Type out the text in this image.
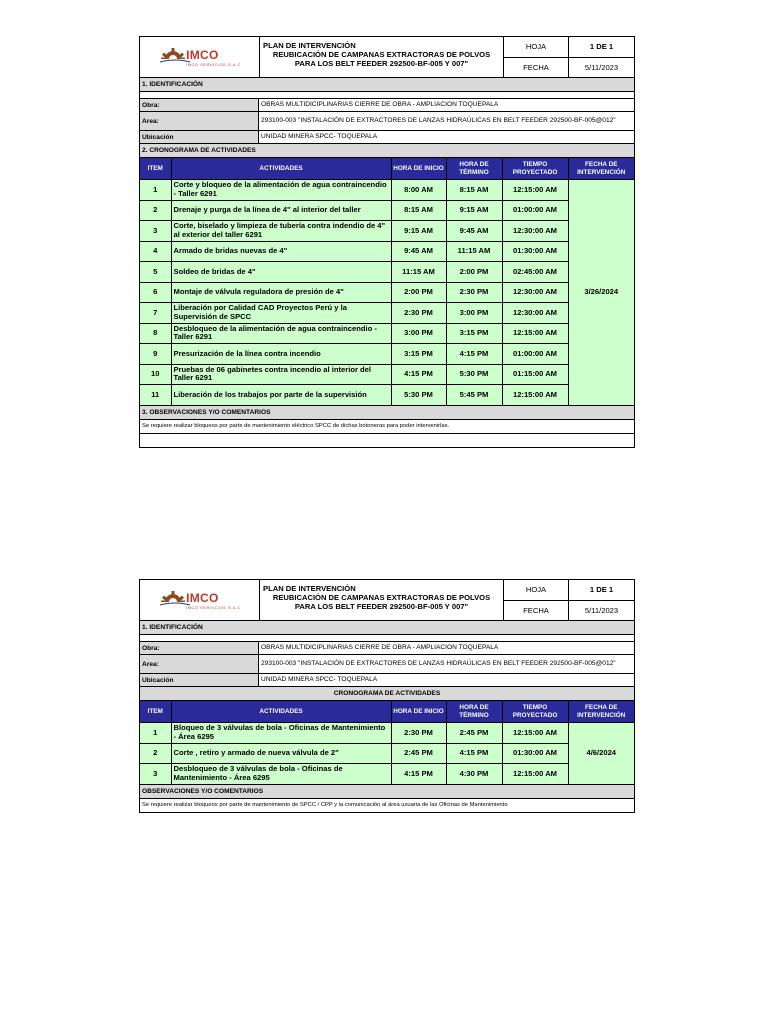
IMCO
IMCO SERVICIOS S.A.C
PLAN DE INTERVENCIÓN
REUBICACIÓN DE CAMPANAS EXTRACTORAS DE POLVOS
PARA LOS BELT FEEDER 292500-BF-005 Y 007"
HOJA	1 DE 1
FECHA	5/11/2023
1. IDENTIFICACIÓN
Obra:	OBRAS MULTIDICIPLINARIAS CIERRE DE OBRA - AMPLIACION TOQUEPALA
Area:	293100-003 "INSTALACIÓN DE EXTRACTORES DE LANZAS HIDRAÚLICAS EN BELT FEEDER 292500-BF-005@012"
Ubicación	UNIDAD MINERA SPCC- TOQUEPALA
2. CRONOGRAMA DE ACTIVIDADES
ITEM	ACTIVIDADES	HORA DE INICIO	HORA DE TÉRMINO	TIEMPO PROYECTADO	FECHA DE INTERVENCIÓN
1	Corte y bloqueo de la alimentación de agua contraincendio - Taller 6291	8:00 AM	8:15 AM	12:15:00 AM	3/26/2024
2	Drenaje y purga de la línea de 4" al interior del taller	8:15 AM	9:15 AM	01:00:00 AM	
3	Corte, biselado y limpieza de tubería contra indendio de 4" al exterior del taller 6291	9:15 AM	9:45 AM	12:30:00 AM	
4	Armado de bridas nuevas de 4"	9:45 AM	11:15 AM	01:30:00 AM	
5	Soldeo de bridas de 4"	11:15 AM	2:00 PM	02:45:00 AM	
6	Montaje de válvula reguladora de presión de 4"	2:00 PM	2:30 PM	12:30:00 AM	
7	Liberación por Calidad CAD Proyectos Perú y la Supervisión de SPCC	2:30 PM	3:00 PM	12:30:00 AM	
8	Desbloqueo de la alimentación de agua contraincendio - Taller 6291	3:00 PM	3:15 PM	12:15:00 AM	
9	Presurización de la línea contra incendio	3:15 PM	4:15 PM	01:00:00 AM	
10	Pruebas de 06 gabinetes contra incendio al interior del Taller 6291	4:15 PM	5:30 PM	01:15:00 AM	
11	Liberación de los trabajos por parte de la supervisión	5:30 PM	5:45 PM	12:15:00 AM	
3. OBSERVACIONES Y/O COMENTARIOS
Se requiere realizar bloqueos por parte de mantenimiento eléctrico SPCC de dichas botoneras para poder intervenirlas.
IMCO
IMCO SERVICIOS S.A.C
PLAN DE INTERVENCIÓN
REUBICACIÓN DE CAMPANAS EXTRACTORAS DE POLVOS
PARA LOS BELT FEEDER 292500-BF-005 Y 007"
HOJA	1 DE 1
FECHA	5/11/2023
1. IDENTIFICACIÓN
Obra:	OBRAS MULTIDICIPLINARIAS CIERRE DE OBRA - AMPLIACION TOQUEPALA
Area:	293100-003 "INSTALACIÓN DE EXTRACTORES DE LANZAS HIDRAÚLICAS EN BELT FEEDER 292500-BF-005@012"
Ubicación	UNIDAD MINERA SPCC- TOQUEPALA
CRONOGRAMA DE ACTIVIDADES
ITEM	ACTIVIDADES	HORA DE INICIO	HORA DE TÉRMINO	TIEMPO PROYECTADO	FECHA DE INTERVENCIÓN
1	Bloqueo de 3 válvulas de bola - Oficinas de Mantenimiento - Área 6295	2:30 PM	2:45 PM	12:15:00 AM	4/6/2024
2	Corte , retiro y armado de nueva válvula de 2"	2:45 PM	4:15 PM	01:30:00 AM	
3	Desbloqueo de 3 válvulas de bola - Oficinas de Mantenimiento - Área 6295	4:15 PM	4:30 PM	12:15:00 AM	
OBSERVACIONES Y/O COMENTARIOS
Se requiere realizar bloqueos por parte de mantenimiento de SPCC / CPP y la comunicación al área usuaria de las Oficinas de Mantenimiento
